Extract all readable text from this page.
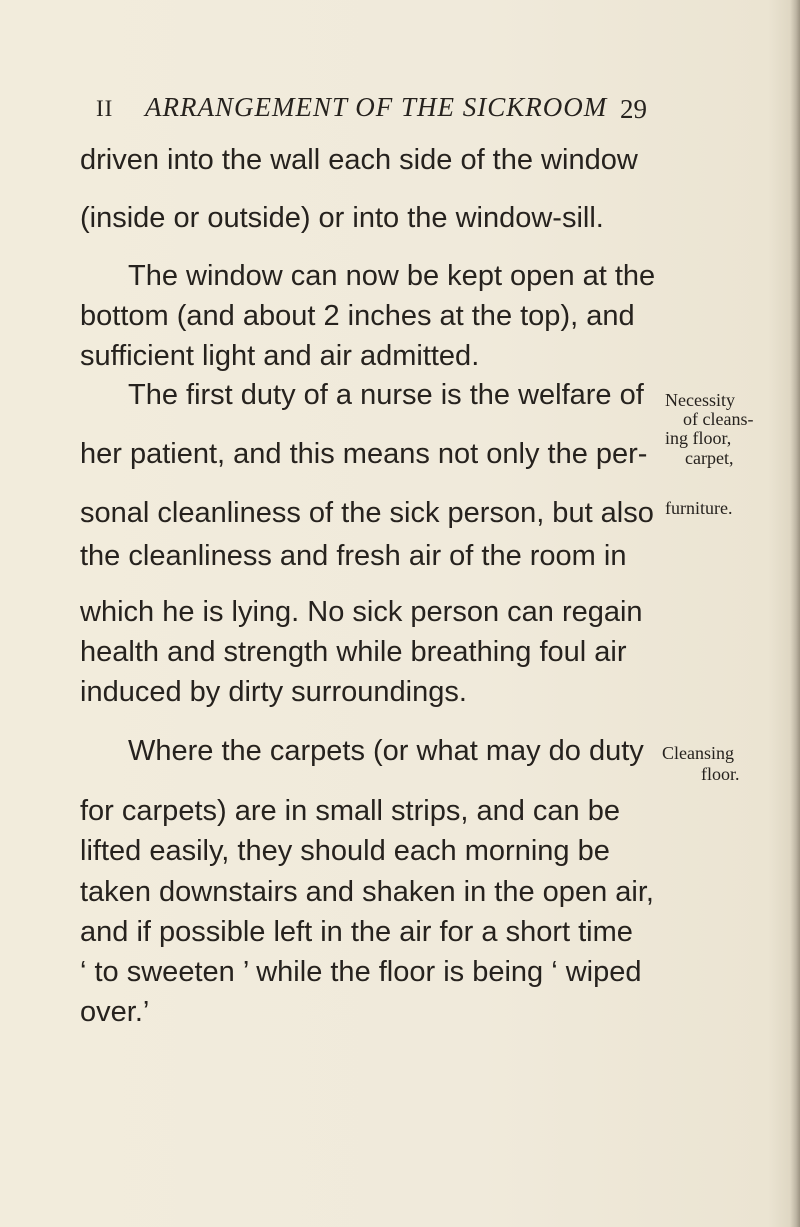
II ARRANGEMENT OF THE SICKROOM 29
driven into the wall each side of the window
(inside or outside) or into the window-sill.
The window can now be kept open at the
bottom (and about 2 inches at the top), and
sufficient light and air admitted.
The first duty of a nurse is the welfare of
her patient, and this means not only the per-
sonal cleanliness of the sick person, but also
the cleanliness and fresh air of the room in
which he is lying. No sick person can regain
health and strength while breathing foul air
induced by dirty surroundings.
Where the carpets (or what may do duty
for carpets) are in small strips, and can be
lifted easily, they should each morning be
taken downstairs and shaken in the open air,
and if possible left in the air for a short time
‘ to sweeten ’ while the floor is being ‘ wiped
over.’
Necessity
of cleans-
ing floor,
carpet,
furniture.
Cleansing
floor.
